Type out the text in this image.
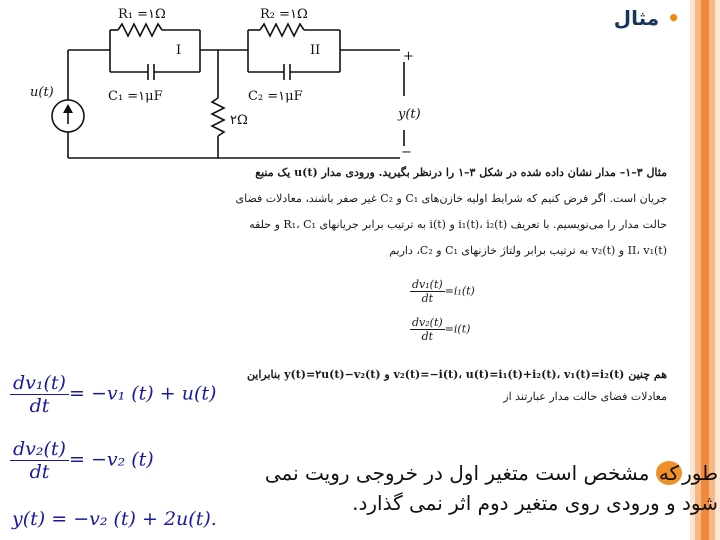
•مثال
R₁ =۱Ω	R₂ =۱Ω
C₁ =۱μF	C₂ =۱μF
I	II
u(t)
۲Ω	y(t)
+
−

مثال ۳–۱– مدار نشان داده شده در شکل ۳–۱ را درنظر بگیرید. ورودی مدار u(t) یک منبع

جریان است. اگر فرض کنیم که شرایط اولیه خازن‌های C₁ و C₂ غیر صفر باشند، معادلات فضای

حالت مدار را می‌نویسیم. با تعریف i₁(t)، i₂(t) و i(t) به ترتیب برابر جریانهای R₁، C₁ و حلقه

II، v₁(t) و v₂(t) به ترتیب برابر ولتاژ خازنهای C₁ و C₂، داریم

$\frac{\text{dv₁(t)}}{dt} =i_1(t)$
$\frac{\text{dv₂(t)}}{dt} =i(t)$

هم چنین v₂(t)=−i(t)، u(t)=i₁(t)+i₂(t)، v₁(t)=i₂(t) و y(t)=۲u(t)−v₂(t) بنابراین

معادلات فضای حالت مدار عبارتند از

$\frac{\text{dv₁(t)}}{dt} = -v_1$ (t) + u(t)
$\frac{\text{dv₂(t)}}{dt} = -v_2$ (t)
y(t) = −v₂ (t) + 2u(t).
طورکه مشخص است متغیر اول در خروجی رویت نمی شود و ورودی روی متغیر دوم اثر نمی گذارد.
